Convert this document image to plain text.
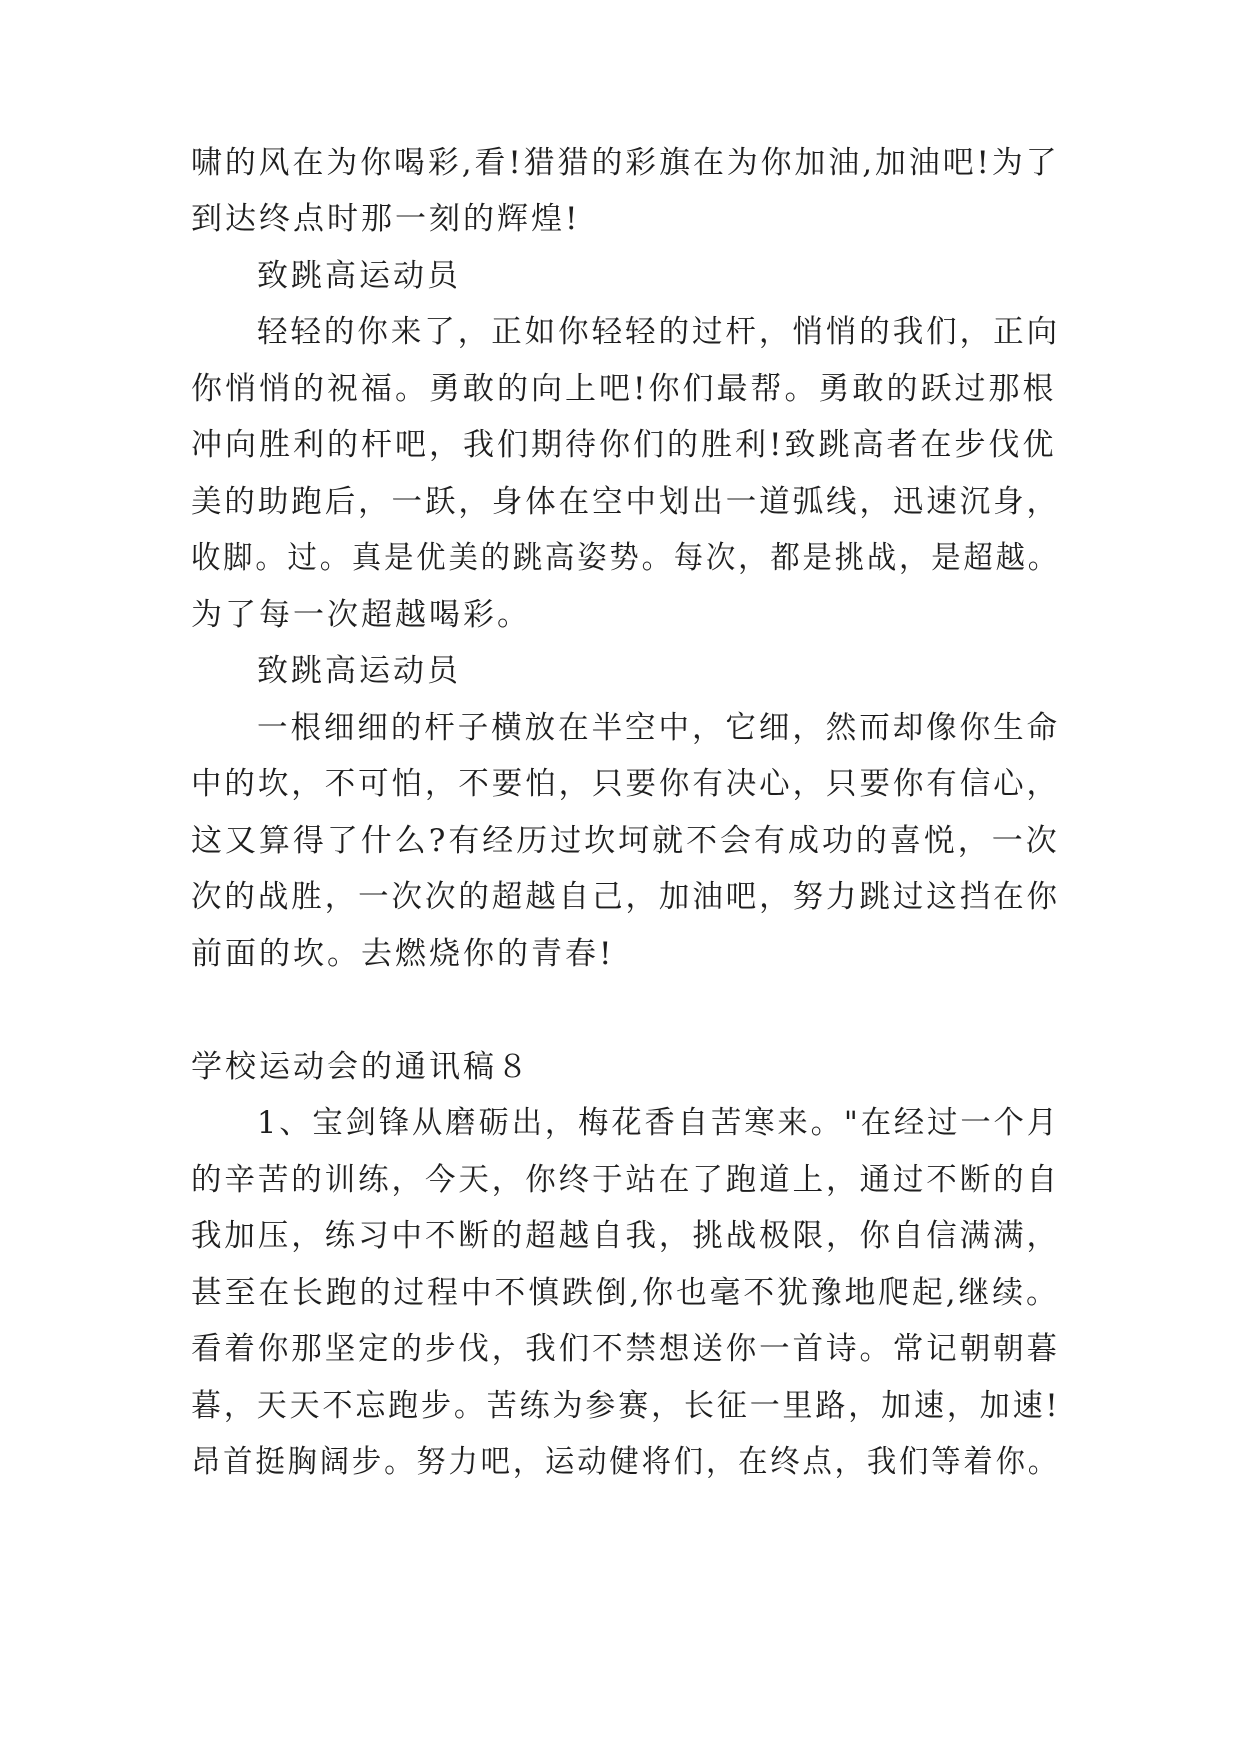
啸的风在为你喝彩,看!猎猎的彩旗在为你加油,加油吧!为了
到达终点时那一刻的辉煌!
致跳高运动员
轻轻的你来了，正如你轻轻的过杆，悄悄的我们，正向
你悄悄的祝福。勇敢的向上吧!你们最帮。勇敢的跃过那根
冲向胜利的杆吧，我们期待你们的胜利!致跳高者在步伐优
美的助跑后，一跃，身体在空中划出一道弧线，迅速沉身，
收脚。过。真是优美的跳高姿势。每次，都是挑战，是超越。
为了每一次超越喝彩。
致跳高运动员
一根细细的杆子横放在半空中，它细，然而却像你生命
中的坎，不可怕，不要怕，只要你有决心，只要你有信心，
这又算得了什么?有经历过坎坷就不会有成功的喜悦，一次
次的战胜，一次次的超越自己，加油吧，努力跳过这挡在你
前面的坎。去燃烧你的青春!
学校运动会的通讯稿８
1、宝剑锋从磨砺出，梅花香自苦寒来。"在经过一个月
的辛苦的训练，今天，你终于站在了跑道上，通过不断的自
我加压，练习中不断的超越自我，挑战极限，你自信满满，
甚至在长跑的过程中不慎跌倒,你也毫不犹豫地爬起,继续。
看着你那坚定的步伐，我们不禁想送你一首诗。常记朝朝暮
暮，天天不忘跑步。苦练为参赛，长征一里路，加速，加速!
昂首挺胸阔步。努力吧，运动健将们，在终点，我们等着你。
